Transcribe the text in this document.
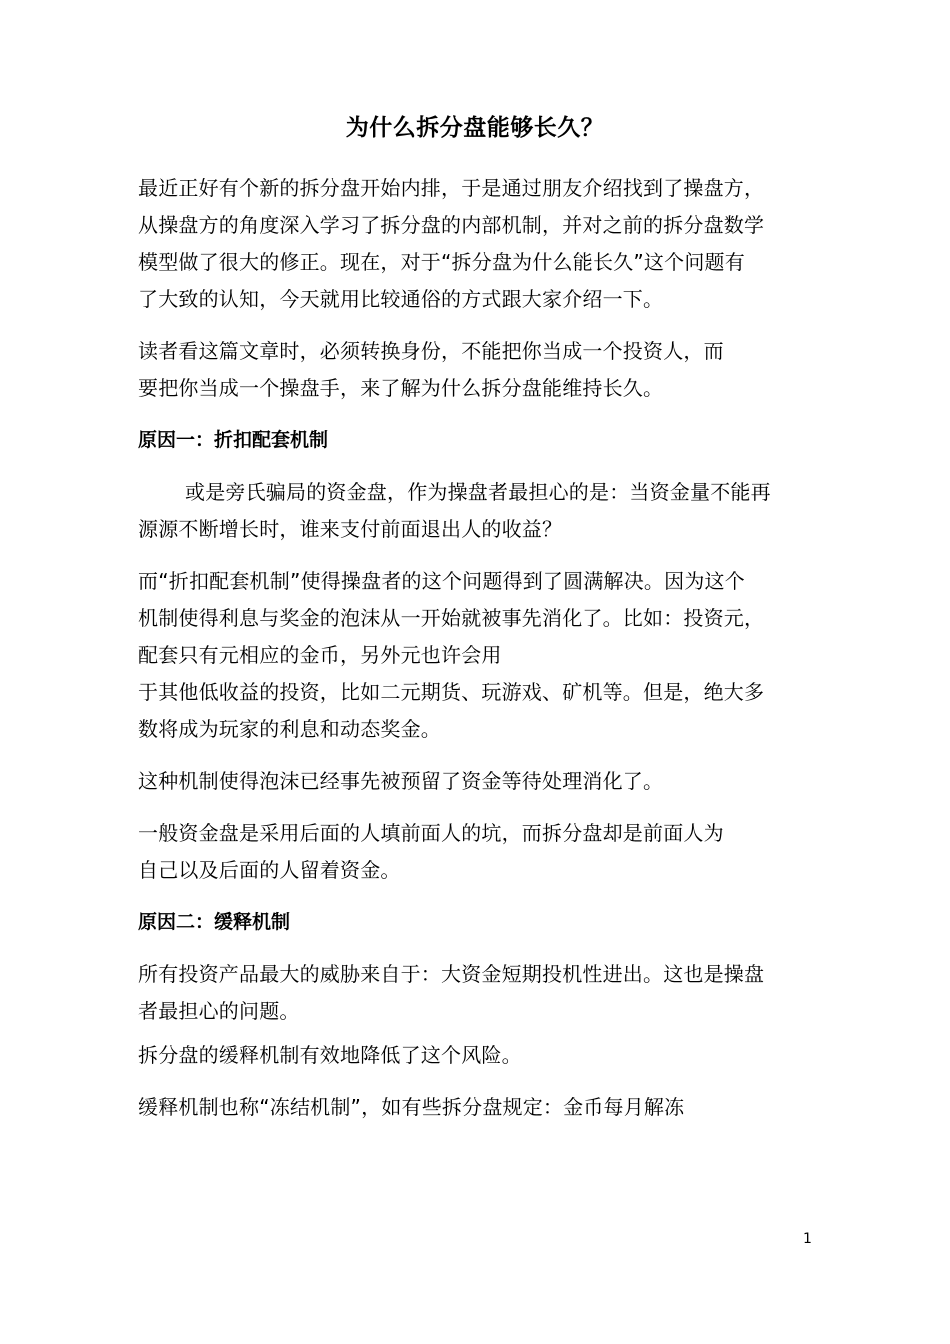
为什么拆分盘能够长久？
最近正好有个新的拆分盘开始内排，于是通过朋友介绍找到了操盘方，
从操盘方的角度深入学习了拆分盘的内部机制，并对之前的拆分盘数学
模型做了很大的修正。现在，对于“拆分盘为什么能长久”这个问题有
了大致的认知，今天就用比较通俗的方式跟大家介绍一下。
读者看这篇文章时，必须转换身份，不能把你当成一个投资人，而
要把你当成一个操盘手，来了解为什么拆分盘能维持长久。
原因一：折扣配套机制
或是旁氏骗局的资金盘，作为操盘者最担心的是：当资金量不能再
源源不断增长时，谁来支付前面退出人的收益？
而“折扣配套机制”使得操盘者的这个问题得到了圆满解决。因为这个
机制使得利息与奖金的泡沫从一开始就被事先消化了。比如：投资元，
配套只有元相应的金币，另外元也许会用
于其他低收益的投资，比如二元期货、玩游戏、矿机等。但是，绝大多
数将成为玩家的利息和动态奖金。
这种机制使得泡沫已经事先被预留了资金等待处理消化了。
一般资金盘是采用后面的人填前面人的坑，而拆分盘却是前面人为
自己以及后面的人留着资金。
原因二：缓释机制
所有投资产品最大的威胁来自于：大资金短期投机性进出。这也是操盘
者最担心的问题。
拆分盘的缓释机制有效地降低了这个风险。
缓释机制也称“冻结机制”，如有些拆分盘规定：金币每月解冻
1
